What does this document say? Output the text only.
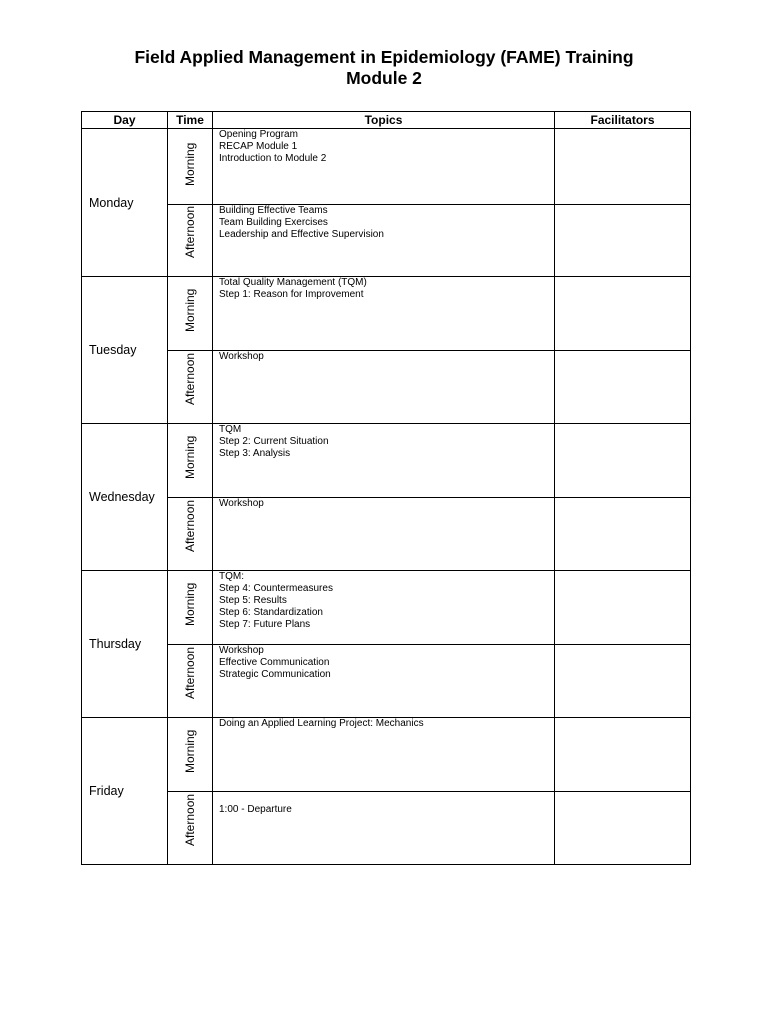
Field Applied Management in Epidemiology (FAME) Training
Module 2
Day	Time	Topics	Facilitators
Monday	Morning	Opening Program
RECAP Module 1
Introduction to Module 2	

	Afternoon	Building Effective Teams
Team Building Exercises
Leadership and Effective Supervision	

Tuesday	Morning	Total Quality Management (TQM)
Step 1: Reason for Improvement	

	Afternoon	Workshop	

Wednesday	Morning	TQM
Step 2: Current Situation
Step 3: Analysis	

	Afternoon	Workshop	

Thursday	Morning	TQM:
Step 4: Countermeasures
Step 5: Results
Step 6: Standardization
Step 7: Future Plans	

	Afternoon	Workshop
Effective Communication
Strategic Communication	

Friday	Morning	Doing an Applied Learning Project: Mechanics	

	Afternoon	1:00 - Departure	
